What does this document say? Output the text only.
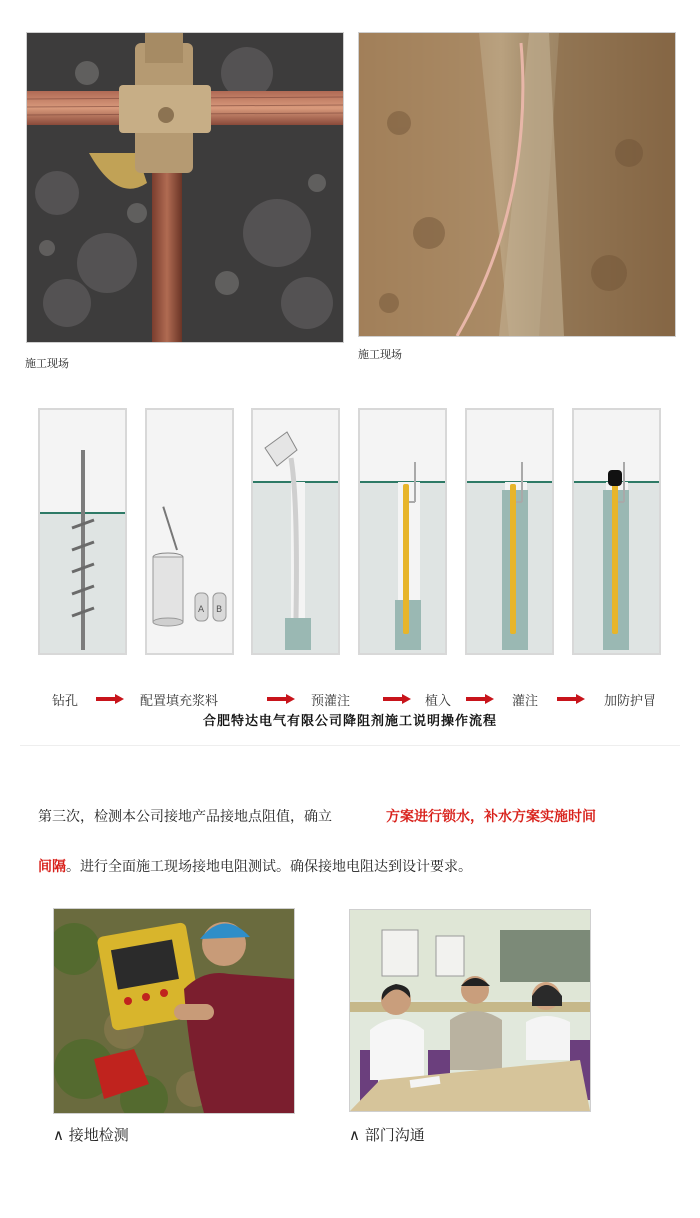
施工现场
施工现场
A B
钻孔	配置填充浆料	预灌注	植入	灌注	加防护冒
合肥特达电气有限公司降阻剂施工说明操作流程
第三次，检测本公司接地产品接地点阻值，确立	方案进行锁水，补水方案实施时间
间隔。进行全面施工现场接地电阻测试。确保接地电阻达到设计要求。
∧ 接地检测	∧ 部门沟通
